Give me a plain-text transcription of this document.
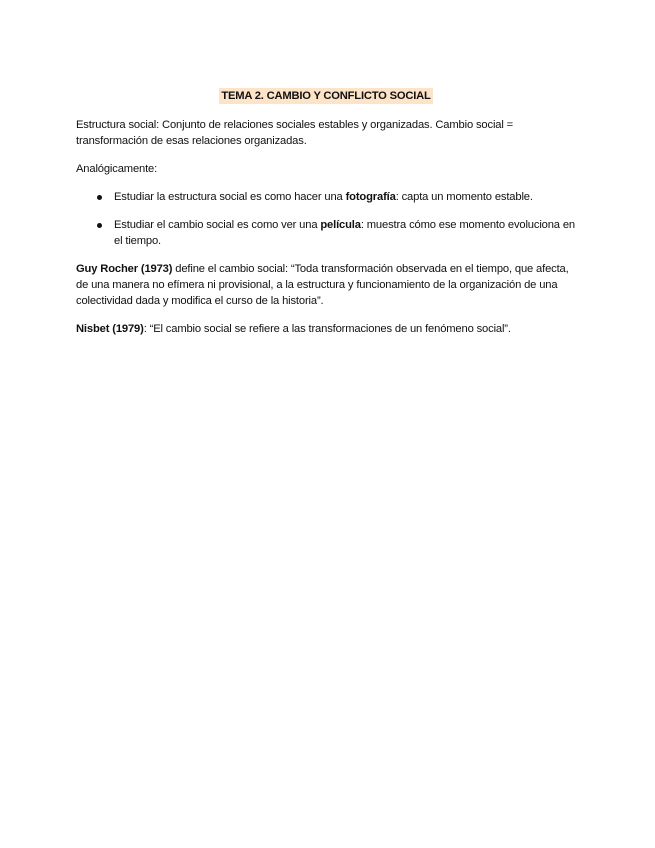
TEMA 2. CAMBIO Y CONFLICTO SOCIAL

Estructura social: Conjunto de relaciones sociales estables y organizadas. Cambio social = transformación de esas relaciones organizadas.

Analógicamente:

Estudiar la estructura social es como hacer una fotografía: capta un momento estable.
Estudiar el cambio social es como ver una película: muestra cómo ese momento evoluciona en el tiempo.

Guy Rocher (1973) define el cambio social: “Toda transformación observada en el tiempo, que afecta, de una manera no efímera ni provisional, a la estructura y funcionamiento de la organización de una colectividad dada y modifica el curso de la historia”.

Nisbet (1979): “El cambio social se refiere a las transformaciones de un fenómeno social”.
